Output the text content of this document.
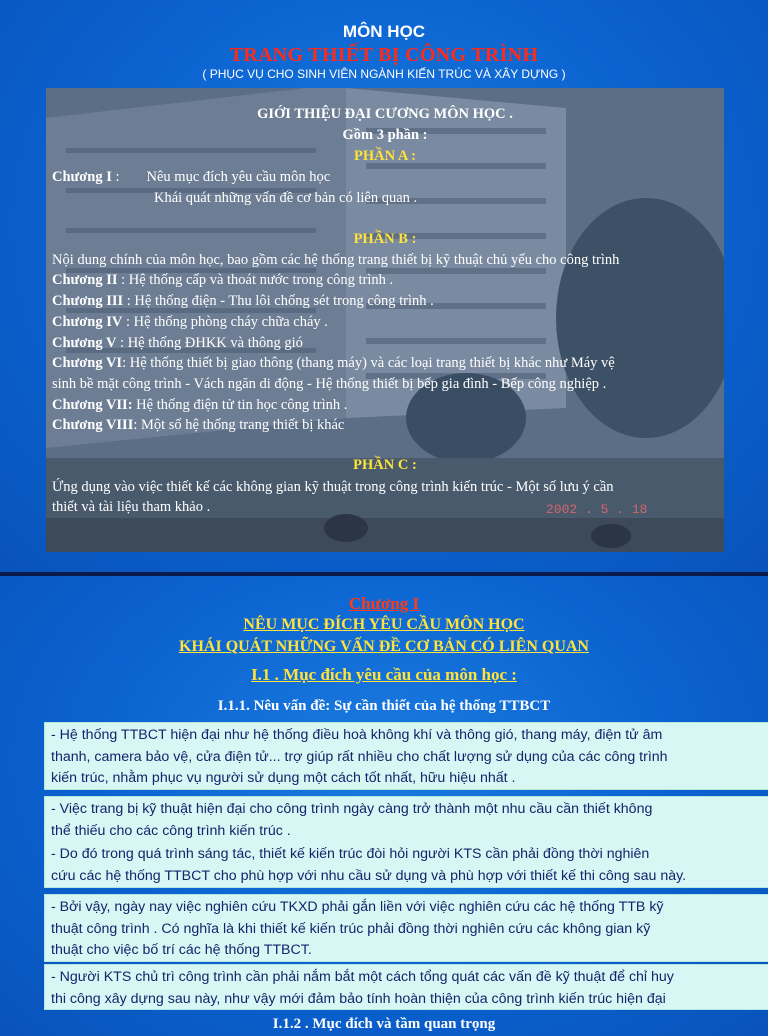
MÔN HỌC
TRANG THIẾT BỊ CÔNG TRÌNH
( PHỤC VỤ CHO SINH VIÊN NGÀNH KIẾN TRÚC VÀ XÂY DỰNG )
GIỚI THIỆU ĐẠI CƯƠNG MÔN HỌC .
Gồm 3 phần :
PHẦN A :
Chương I : Nêu mục đích yêu cầu môn học
Khái quát những vấn đề cơ bản có liên quan .
PHẦN B :
Nội dung chính của môn học, bao gồm các hệ thống trang thiết bị kỹ thuật chủ yếu cho công trình
Chương II : Hệ thống cấp và thoát nước trong công trình .
Chương III : Hệ thống điện - Thu lôi chống sét trong công trình .
Chương IV : Hệ thống phòng cháy chữa cháy .
Chương V : Hệ thống ĐHKK và thông gió
Chương VI: Hệ thống thiết bị giao thông (thang máy) và các loại trang thiết bị khác như Máy vệ
sinh bề mặt công trình - Vách ngăn di động - Hệ thống thiết bị bếp gia đình - Bếp công nghiệp .
Chương VII: Hệ thống điện tử tin học công trình .
Chương VIII: Một số hệ thống trang thiết bị khác
PHẦN C :
Ứng dụng vào việc thiết kế các không gian kỹ thuật trong công trình kiến trúc - Một số lưu ý cần
thiết và tài liệu tham khảo .	2002 . 5 . 18
Chương I
NÊU MỤC ĐÍCH YÊU CẦU MÔN HỌC
KHÁI QUÁT NHỮNG VẤN ĐỀ CƠ BẢN CÓ LIÊN QUAN
I.1 . Mục đích yêu cầu của môn học :
I.1.1. Nêu vấn đề: Sự cần thiết của hệ thống TTBCT

- Hệ thống TTBCT hiện đại như hệ thống điều hoà không khí và thông gió, thang máy, điện tử âm

thanh, camera bảo vệ, cửa điện tử... trợ giúp rất nhiều cho chất lượng sử dụng của các công trình

kiến trúc, nhằm phục vụ người sử dụng một cách tốt nhất, hữu hiệu nhất .

- Việc trang bị kỹ thuật hiện đại cho công trình ngày càng trở thành một nhu cầu cần thiết không

thể thiếu cho các công trình kiến trúc .

- Do đó trong quá trình sáng tác, thiết kế kiến trúc đòi hỏi người KTS cần phải đồng thời nghiên

cứu các hệ thống TTBCT cho phù hợp với nhu cầu sử dụng và phù hợp với thiết kế thi công sau này.

- Bởi vậy, ngày nay việc nghiên cứu TKXD phải gắn liền với việc nghiên cứu các hệ thống TTB kỹ

thuật công trình . Có nghĩa là khi thiết kế kiến trúc phải đồng thời nghiên cứu các không gian kỹ

thuật cho việc bố trí các hệ thống TTBCT.

- Người KTS chủ trì công trình cần phải nắm bắt một cách tổng quát các vấn đề kỹ thuật để chỉ huy

thi công xây dựng sau này, như vậy mới đảm bảo tính hoàn thiện của công trình kiến trúc hiện đại

I.1.2 . Mục đích và tầm quan trọng
